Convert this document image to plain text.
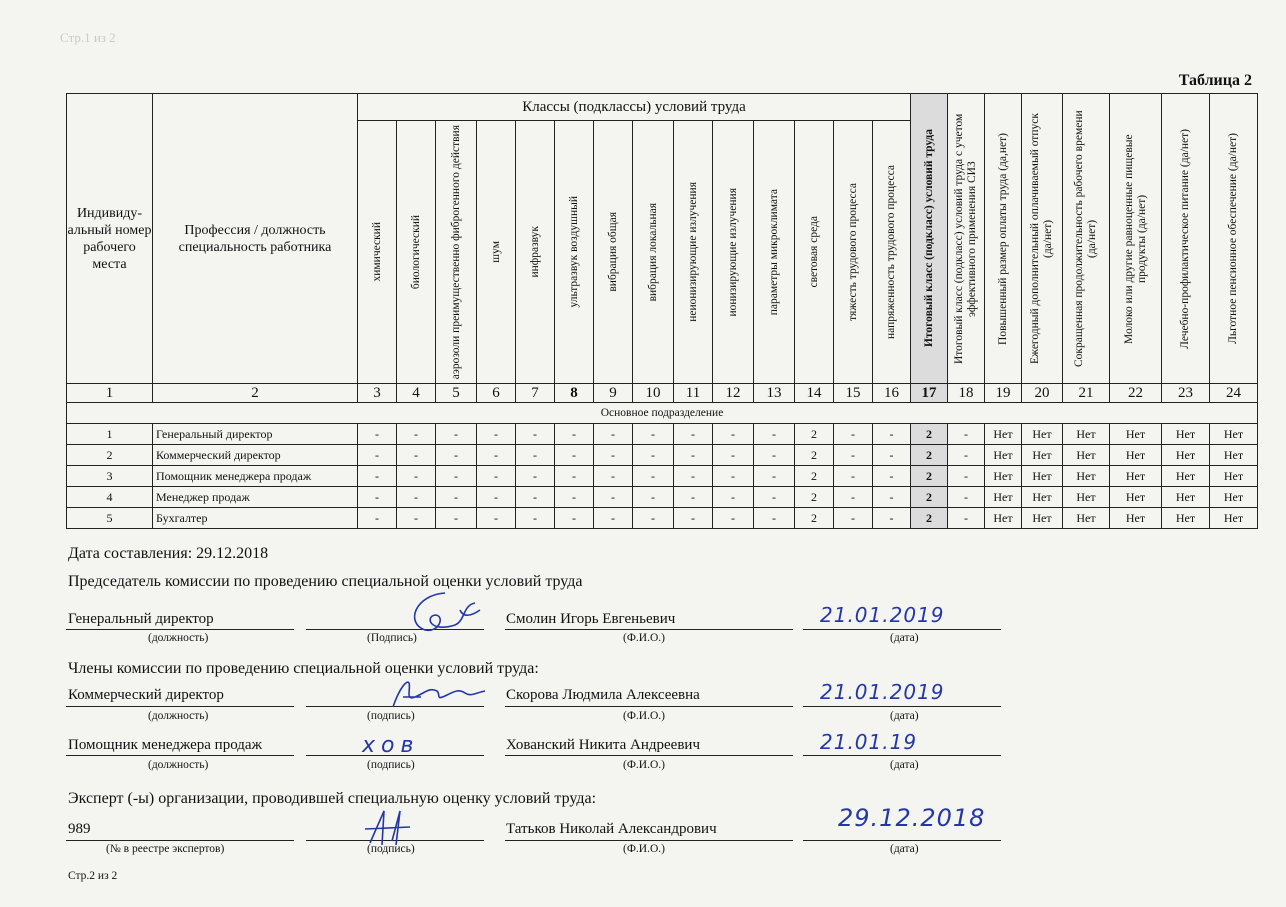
Стр.1 из 2
Таблица 2
Индивиду-альный номер рабочего места	Профессия / должность специальность работника	Классы (подклассы) условий труда														Итоговый класс (подкласс) условий труда	Итоговый класс (подкласс) условий труда с учетом эффективного применения СИЗ	Повышенный размер оплаты труда (да,нет)	Ежегодный дополнительный оплачиваемый отпуск (да/нет)	Сокращенная продолжительность рабочего времени (да/нет)	Молоко или другие равноценные пищевые продукты (да/нет)	Лечебно-профилактическое питание (да/нет)	Льготное пенсионное обеспечение (да/нет)

		химический	биологический	аэрозоли преимущественно фиброгенного действия	шум	инфразвук	ультразвук воздушный	вибрация общая	вибрация локальная	неионизирующие излучения	ионизирующие излучения	параметры микроклимата	световая среда	тяжесть трудового процесса	напряженность трудового процесса								

1	2	3	4	5	6	7	8	9	10	11	12	13	14	15	16	17	18	19	20	21	22	23	24
Основное подразделение																							
1	Генеральный директор	-	-	-	-	-	-	-	-	-	-	-	2	-	-	2	-	Нет	Нет	Нет	Нет	Нет	Нет
2	Коммерческий директор	-	-	-	-	-	-	-	-	-	-	-	2	-	-	2	-	Нет	Нет	Нет	Нет	Нет	Нет
3	Помощник менеджера продаж	-	-	-	-	-	-	-	-	-	-	-	2	-	-	2	-	Нет	Нет	Нет	Нет	Нет	Нет
4	Менеджер продаж	-	-	-	-	-	-	-	-	-	-	-	2	-	-	2	-	Нет	Нет	Нет	Нет	Нет	Нет
5	Бухгалтер	-	-	-	-	-	-	-	-	-	-	-	2	-	-	2	-	Нет	Нет	Нет	Нет	Нет	Нет
Дата составления: 29.12.2018
Председатель комиссии по проведению специальной оценки условий труда
Генеральный директор	Смолин Игорь Евгеньевич	21.01.2019
(должность)	(Подпись)	(Ф.И.О.)	(дата)
Члены комиссии по проведению специальной оценки условий труда:
Коммерческий директор	Скорова Людмила Алексеевна	21.01.2019
(должность)	(подпись)	(Ф.И.О.)	(дата)
Помощник менеджера продаж	Хованский Никита Андреевич	21.01.19
хов
(должность)	(подпись)	(Ф.И.О.)	(дата)
Эксперт (-ы) организации, проводившей специальную оценку условий труда:
989	Татьков Николай Александрович	29.12.2018
(№ в реестре экспертов)	(подпись)	(Ф.И.О.)	(дата)
Стр.2 из 2
